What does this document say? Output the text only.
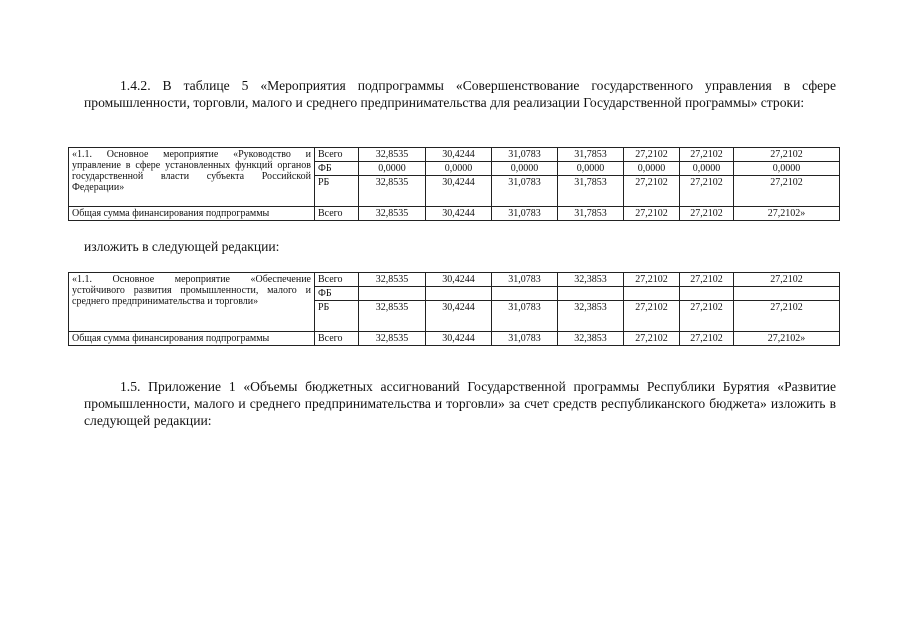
1.4.2. В таблице 5 «Мероприятия подпрограммы «Совершенствование государственного управления в сфере промышленности, торговли, малого и среднего предпринимательства для реализации Государственной программы» строки:

«1.1. Основное мероприятие «Руководство и управление в сфере установленных функций органов государственной власти субъекта Российской Федерации»	Всего	32,8535	30,4244	31,0783	31,7853	27,2102	27,2102	27,2102
	ФБ	0,0000	0,0000	0,0000	0,0000	0,0000	0,0000	0,0000
	РБ	32,8535	30,4244	31,0783	31,7853	27,2102	27,2102	27,2102
Общая сумма финансирования подпрограммы	Всего	32,8535	30,4244	31,0783	31,7853	27,2102	27,2102	27,2102»

изложить в следующей редакции:

«1.1. Основное мероприятие «Обеспечение устойчивого развития промышленности, малого и среднего предпринимательства и торговли»	Всего	32,8535	30,4244	31,0783	32,3853	27,2102	27,2102	27,2102
	ФБ							
	РБ	32,8535	30,4244	31,0783	32,3853	27,2102	27,2102	27,2102
Общая сумма финансирования подпрограммы	Всего	32,8535	30,4244	31,0783	32,3853	27,2102	27,2102	27,2102»

1.5. Приложение 1 «Объемы бюджетных ассигнований Государственной программы Республики Бурятия «Развитие промышленности, малого и среднего предпринимательства и торговли» за счет средств республиканского бюджета» изложить в следующей редакции:
